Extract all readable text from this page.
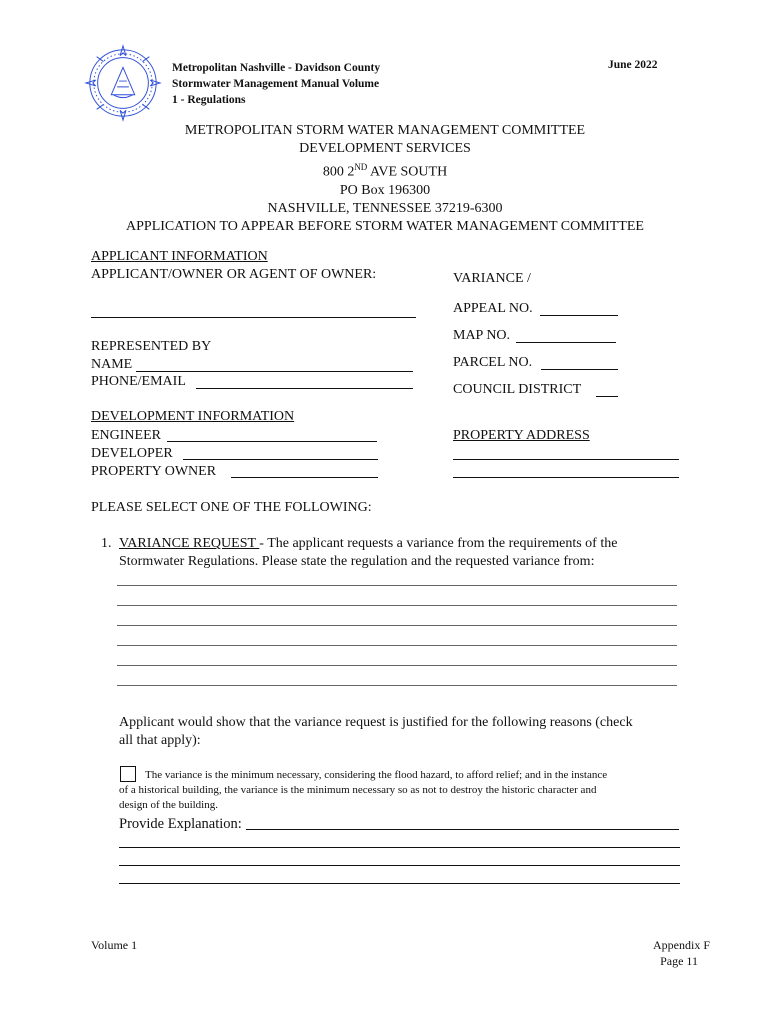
Metropolitan Nashville - Davidson County
Stormwater Management Manual Volume
1 - Regulations
June 2022
METROPOLITAN STORM WATER MANAGEMENT COMMITTEE
DEVELOPMENT SERVICES
800 2ND AVE SOUTH
PO Box 196300
NASHVILLE, TENNESSEE 37219-6300
APPLICATION TO APPEAR BEFORE STORM WATER MANAGEMENT COMMITTEE
APPLICANT INFORMATION
APPLICANT/OWNER OR AGENT OF OWNER:
REPRESENTED BY
NAME
PHONE/EMAIL
VARIANCE /
APPEAL NO.
MAP NO.
PARCEL NO.
COUNCIL DISTRICT
PROPERTY ADDRESS
DEVELOPMENT INFORMATION
ENGINEER
DEVELOPER
PROPERTY OWNER
PLEASE SELECT ONE OF THE FOLLOWING:
1. VARIANCE REQUEST - The applicant requests a variance from the requirements of the
Stormwater Regulations. Please state the regulation and the requested variance from:
Applicant would show that the variance request is justified for the following reasons (check
all that apply):
The variance is the minimum necessary, considering the flood hazard, to afford relief; and in the instance
of a historical building, the variance is the minimum necessary so as not to destroy the historic character and
design of the building.
Provide Explanation:
Volume 1	Appendix F
Page 11
